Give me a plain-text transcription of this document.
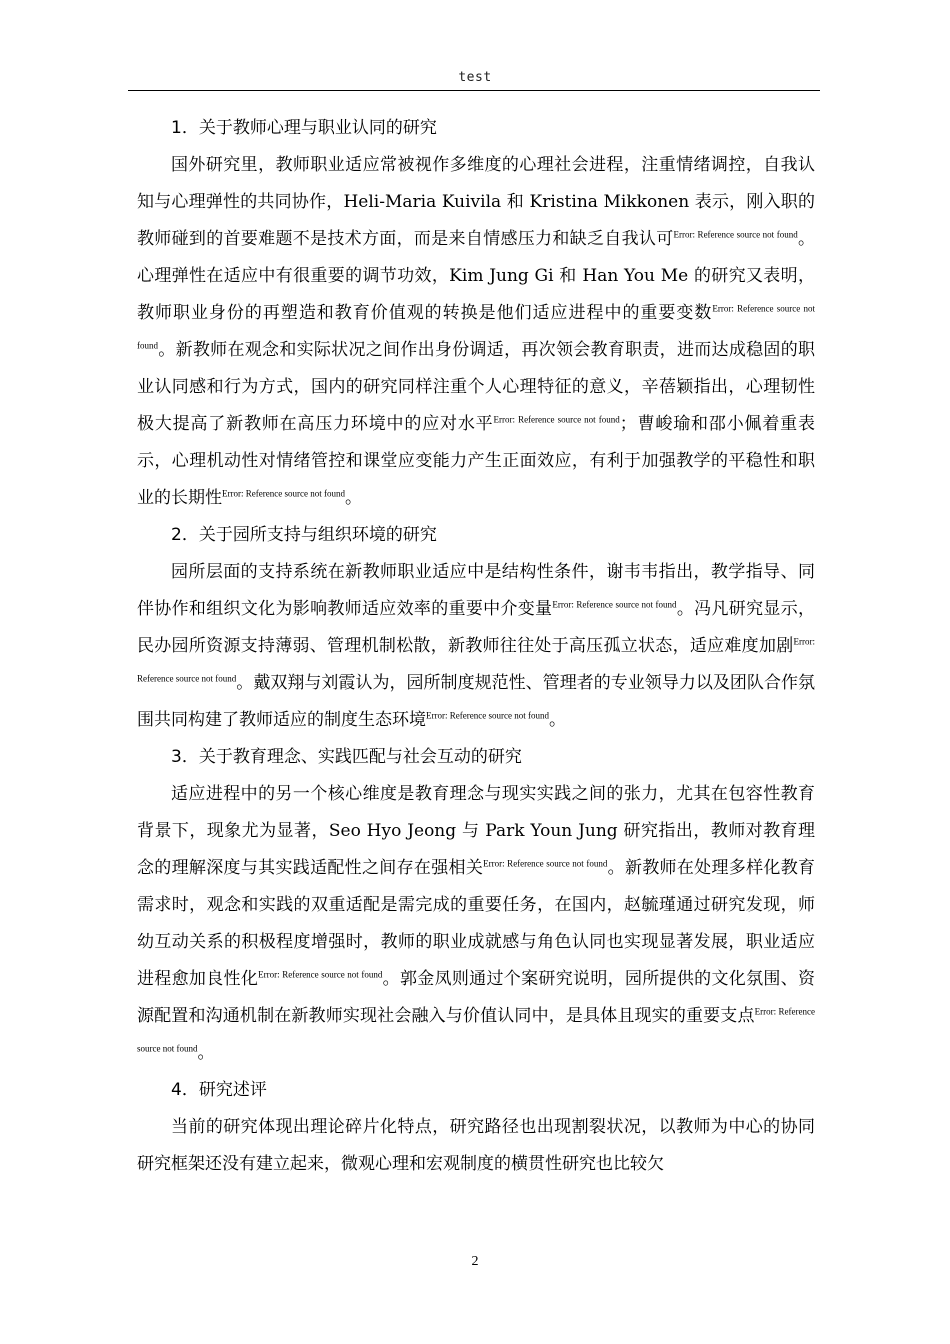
test
1．关于教师心理与职业认同的研究

国外研究里，教师职业适应常被视作多维度的心理社会进程，注重情绪调控，自我认知与心理弹性的共同协作，Heli-Maria Kuivila 和 Kristina Mikkonen 表示，刚入职的教师碰到的首要难题不是技术方面，而是来自情感压力和缺乏自我认可$^{Error: Reference source not found}$。心理弹性在适应中有很重要的调节功效，Kim Jung Gi 和 Han You Me 的研究又表明，教师职业身份的再塑造和教育价值观的转换是他们适应进程中的重要变数$^{Error: Reference source not found}$。新教师在观念和实际状况之间作出身份调适，再次领会教育职责，进而达成稳固的职业认同感和行为方式，国内的研究同样注重个人心理特征的意义，辛蓓颖指出，心理韧性极大提高了新教师在高压力环境中的应对水平$^{Error: Reference source not found}$；曹峻瑜和邵小佩着重表示，心理机动性对情绪管控和课堂应变能力产生正面效应，有利于加强教学的平稳性和职业的长期性$^{Error: Reference source not found}$。

2．关于园所支持与组织环境的研究

园所层面的支持系统在新教师职业适应中是结构性条件，谢韦韦指出，教学指导、同伴协作和组织文化为影响教师适应效率的重要中介变量$^{Error: Reference source not found}$。冯凡研究显示，民办园所资源支持薄弱、管理机制松散，新教师往往处于高压孤立状态，适应难度加剧$^{Error: Reference source not found}$。戴双翔与刘霞认为，园所制度规范性、管理者的专业领导力以及团队合作氛围共同构建了教师适应的制度生态环境$^{Error: Reference source not found}$。

3．关于教育理念、实践匹配与社会互动的研究

适应进程中的另一个核心维度是教育理念与现实实践之间的张力，尤其在包容性教育背景下，现象尤为显著，Seo Hyo Jeong 与 Park Youn Jung 研究指出，教师对教育理念的理解深度与其实践适配性之间存在强相关$^{Error: Reference source not found}$。新教师在处理多样化教育需求时，观念和实践的双重适配是需完成的重要任务，在国内，赵毓瑾通过研究发现，师幼互动关系的积极程度增强时，教师的职业成就感与角色认同也实现显著发展，职业适应进程愈加良性化$^{Error: Reference source not found}$。郭金凤则通过个案研究说明，园所提供的文化氛围、资源配置和沟通机制在新教师实现社会融入与价值认同中，是具体且现实的重要支点$^{Error: Reference source not found}$。

4．研究述评

当前的研究体现出理论碎片化特点，研究路径也出现割裂状况，以教师为中心的协同研究框架还没有建立起来，微观心理和宏观制度的横贯性研究也比较欠

2
